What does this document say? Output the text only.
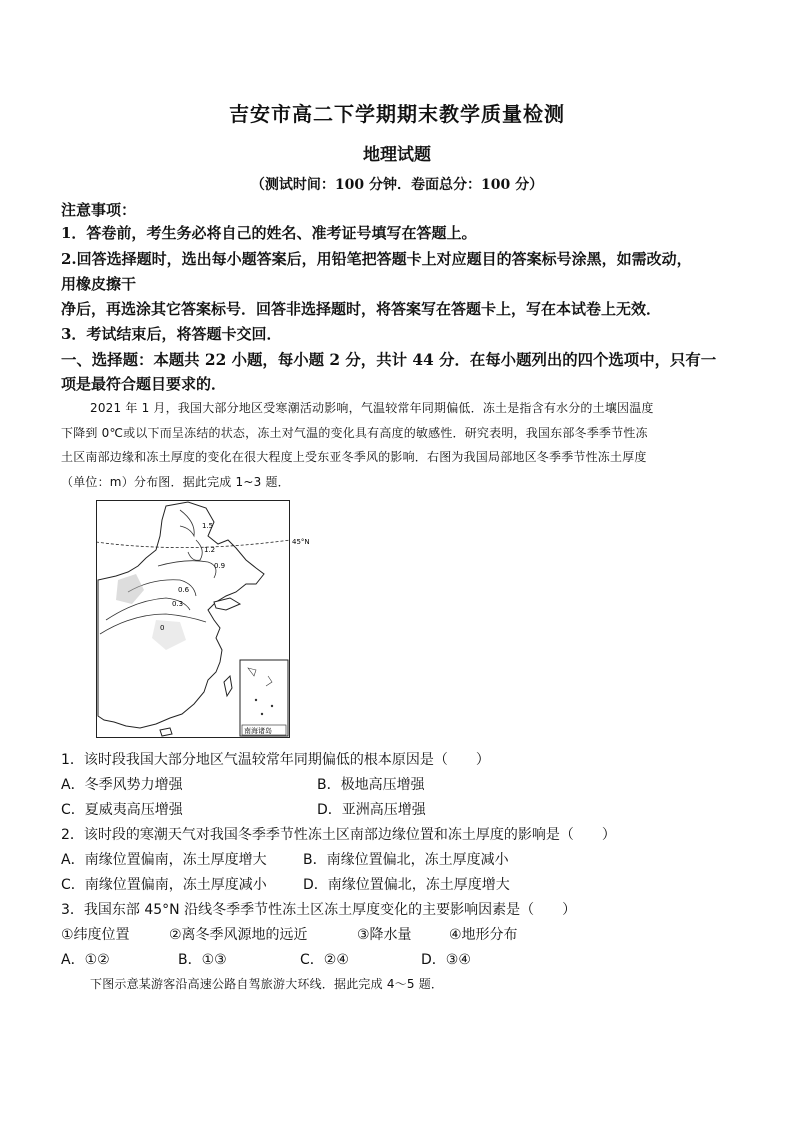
吉安市高二下学期期末教学质量检测
地理试题
（测试时间：100 分钟．卷面总分：100 分）
注意事项：
1．答卷前，考生务必将自己的姓名、准考证号填写在答题上。
2.回答选择题时，选出每小题答案后，用铅笔把答题卡上对应题目的答案标号涂黑，如需改动，
用橡皮擦干
净后，再选涂其它答案标号．回答非选择题时，将答案写在答题卡上，写在本试卷上无效．
3．考试结束后，将答题卡交回．
一、选择题：本题共 22 小题，每小题 2 分，共计 44 分．在每小题列出的四个选项中，只有一
项是最符合题目要求的．
2021 年 1 月，我国大部分地区受寒潮活动影响，气温较常年同期偏低．冻土是指含有水分的土壤因温度
下降到 0℃或以下而呈冻结的状态，冻土对气温的变化具有高度的敏感性．研究表明，我国东部冬季季节性冻
土区南部边缘和冻土厚度的变化在很大程度上受东亚冬季风的影响．右图为我国局部地区冬季季节性冻土厚度
（单位：m）分布图．据此完成 1~3 题．
1.5
1.2
0.9
0.6
0.3
0
45°N
南海诸岛
1．该时段我国大部分地区气温较常年同期偏低的根本原因是（　　）
A．冬季风势力增强	B．极地高压增强
C．夏威夷高压增强	D．亚洲高压增强
2．该时段的寒潮天气对我国冬季季节性冻土区南部边缘位置和冻土厚度的影响是（　　）
A．南缘位置偏南，冻土厚度增大	B．南缘位置偏北，冻土厚度减小
C．南缘位置偏南，冻土厚度减小	D．南缘位置偏北，冻土厚度增大
3．我国东部 45°N 沿线冬季季节性冻土区冻土厚度变化的主要影响因素是（　　）
①纬度位置	②离冬季风源地的远近	③降水量	④地形分布
A．①②	B．①③	C．②④	D．③④
下图示意某游客沿高速公路自驾旅游大环线．据此完成 4～5 题．
